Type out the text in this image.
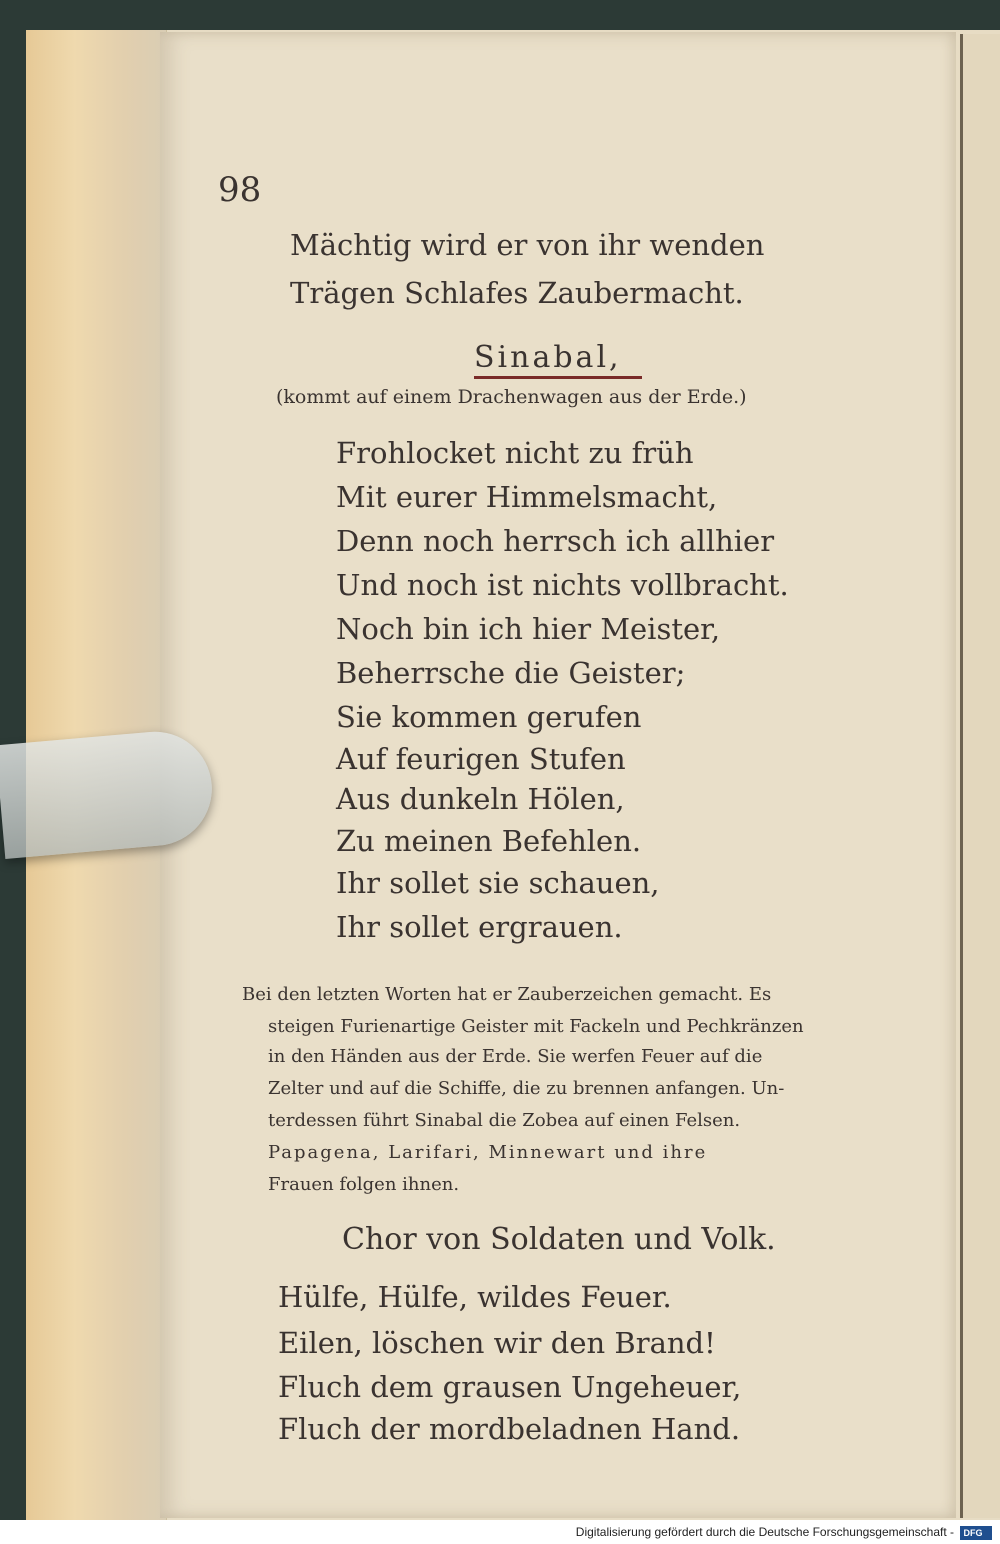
98
Mächtig wird er von ihr wenden
Trägen Schlafes Zaubermacht.
Sinabal,
(kommt auf einem Drachenwagen aus der Erde.)
Frohlocket nicht zu früh
Mit eurer Himmelsmacht,
Denn noch herrsch ich allhier
Und noch ist nichts vollbracht.
Noch bin ich hier Meister,
Beherrsche die Geister;
Sie kommen gerufen
Auf feurigen Stufen
Aus dunkeln Hölen,
Zu meinen Befehlen.
Ihr sollet sie schauen,
Ihr sollet ergrauen.
Bei den letzten Worten hat er Zauberzeichen gemacht. Es
steigen Furienartige Geister mit Fackeln und Pechkränzen
in den Händen aus der Erde. Sie werfen Feuer auf die
Zelter und auf die Schiffe, die zu brennen anfangen. Un-
terdessen führt Sinabal die Zobea auf einen Felsen.
Papagena, Larifari, Minnewart und ihre
Frauen folgen ihnen.
Chor von Soldaten und Volk.
Hülfe, Hülfe, wildes Feuer.
Eilen, löschen wir den Brand!
Fluch dem grausen Ungeheuer,
Fluch der mordbeladnen Hand.
Digitalisierung gefördert durch die Deutsche Forschungsgemeinschaft - DFG
